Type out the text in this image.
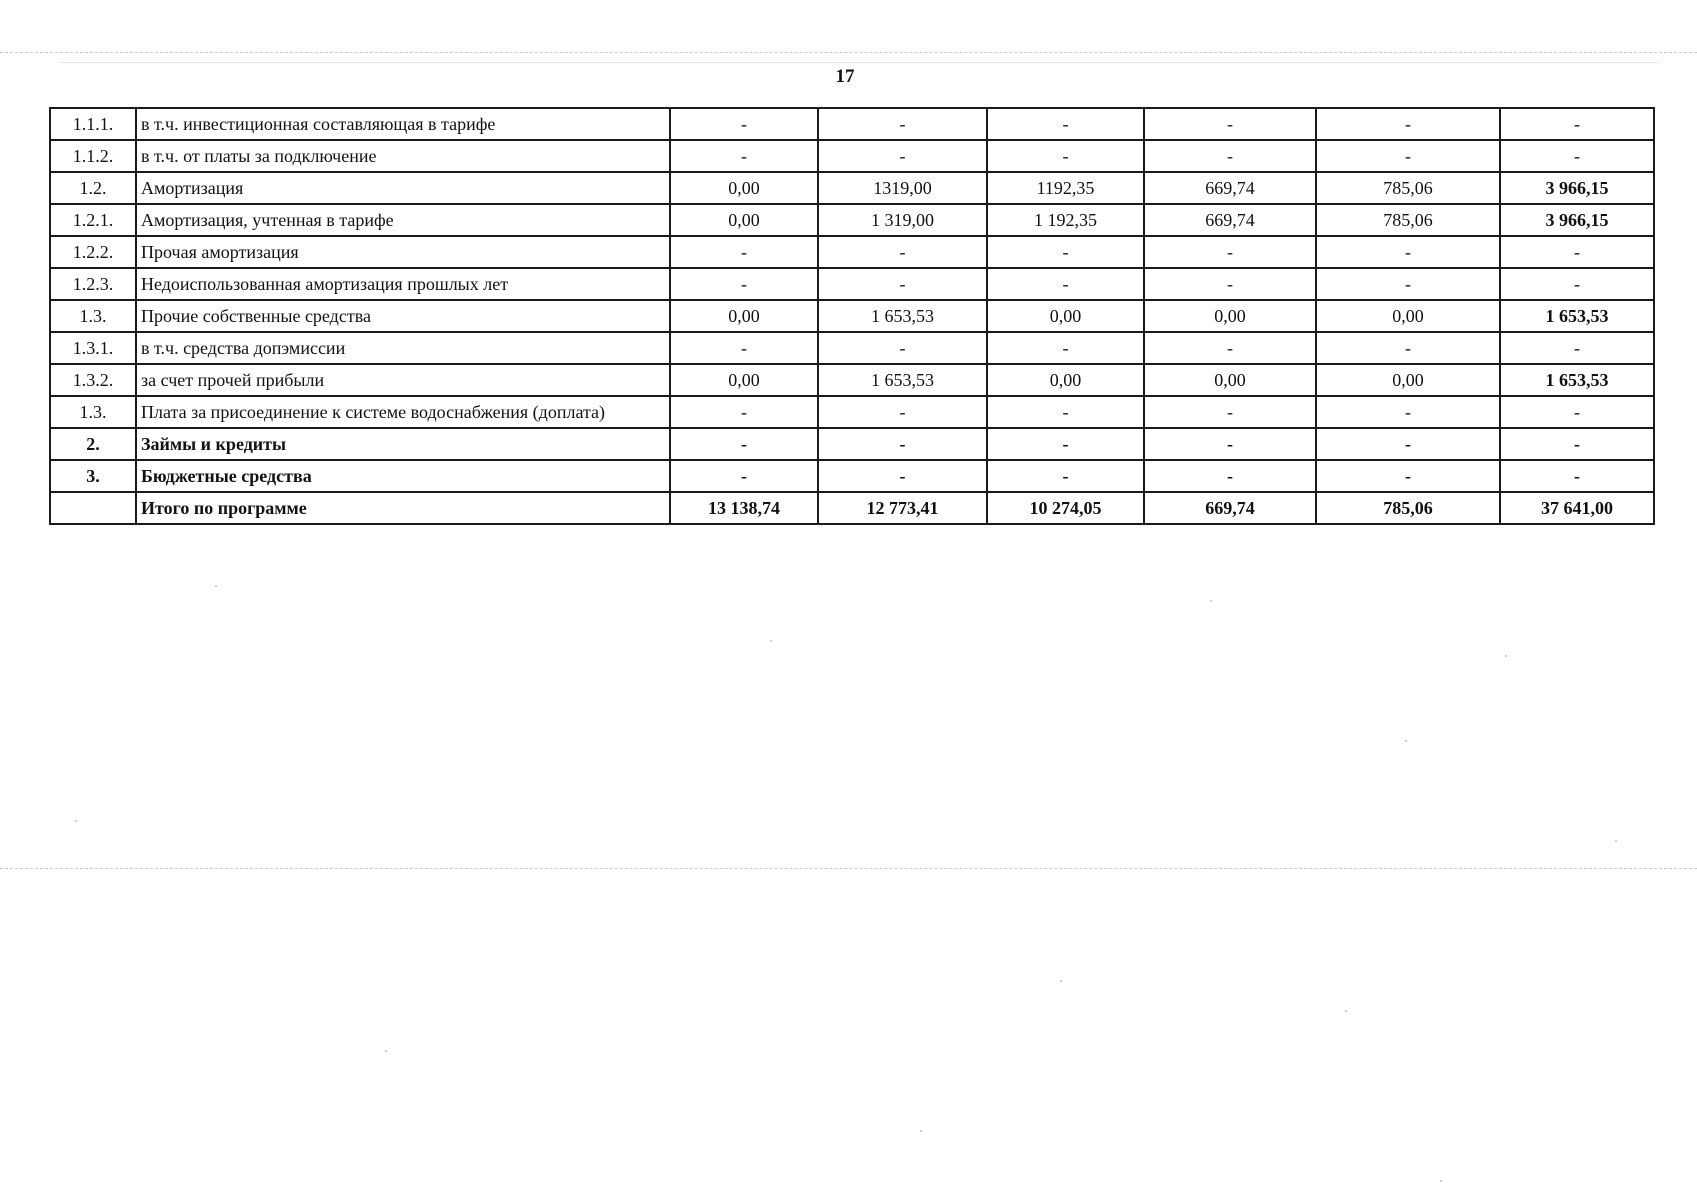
17
1.1.1.	в т.ч. инвестиционная составляющая в тарифе	-	-	-	-	-	-
1.1.2.	в т.ч. от платы за подключение	-	-	-	-	-	-
1.2.	Амортизация	0,00	1319,00	1192,35	669,74	785,06	3 966,15
1.2.1.	Амортизация, учтенная в тарифе	0,00	1 319,00	1 192,35	669,74	785,06	3 966,15
1.2.2.	Прочая амортизация	-	-	-	-	-	-
1.2.3.	Недоиспользованная амортизация прошлых лет	-	-	-	-	-	-
1.3.	Прочие собственные средства	0,00	1 653,53	0,00	0,00	0,00	1 653,53
1.3.1.	в т.ч. средства допэмиссии	-	-	-	-	-	-
1.3.2.	за счет прочей прибыли	0,00	1 653,53	0,00	0,00	0,00	1 653,53
1.3.	Плата за присоединение к системе водоснабжения (доплата)	-	-	-	-	-	-
2.	Займы и кредиты	-	-	-	-	-	-
3.	Бюджетные средства	-	-	-	-	-	-
	Итого по программе	13 138,74	12 773,41	10 274,05	669,74	785,06	37 641,00
